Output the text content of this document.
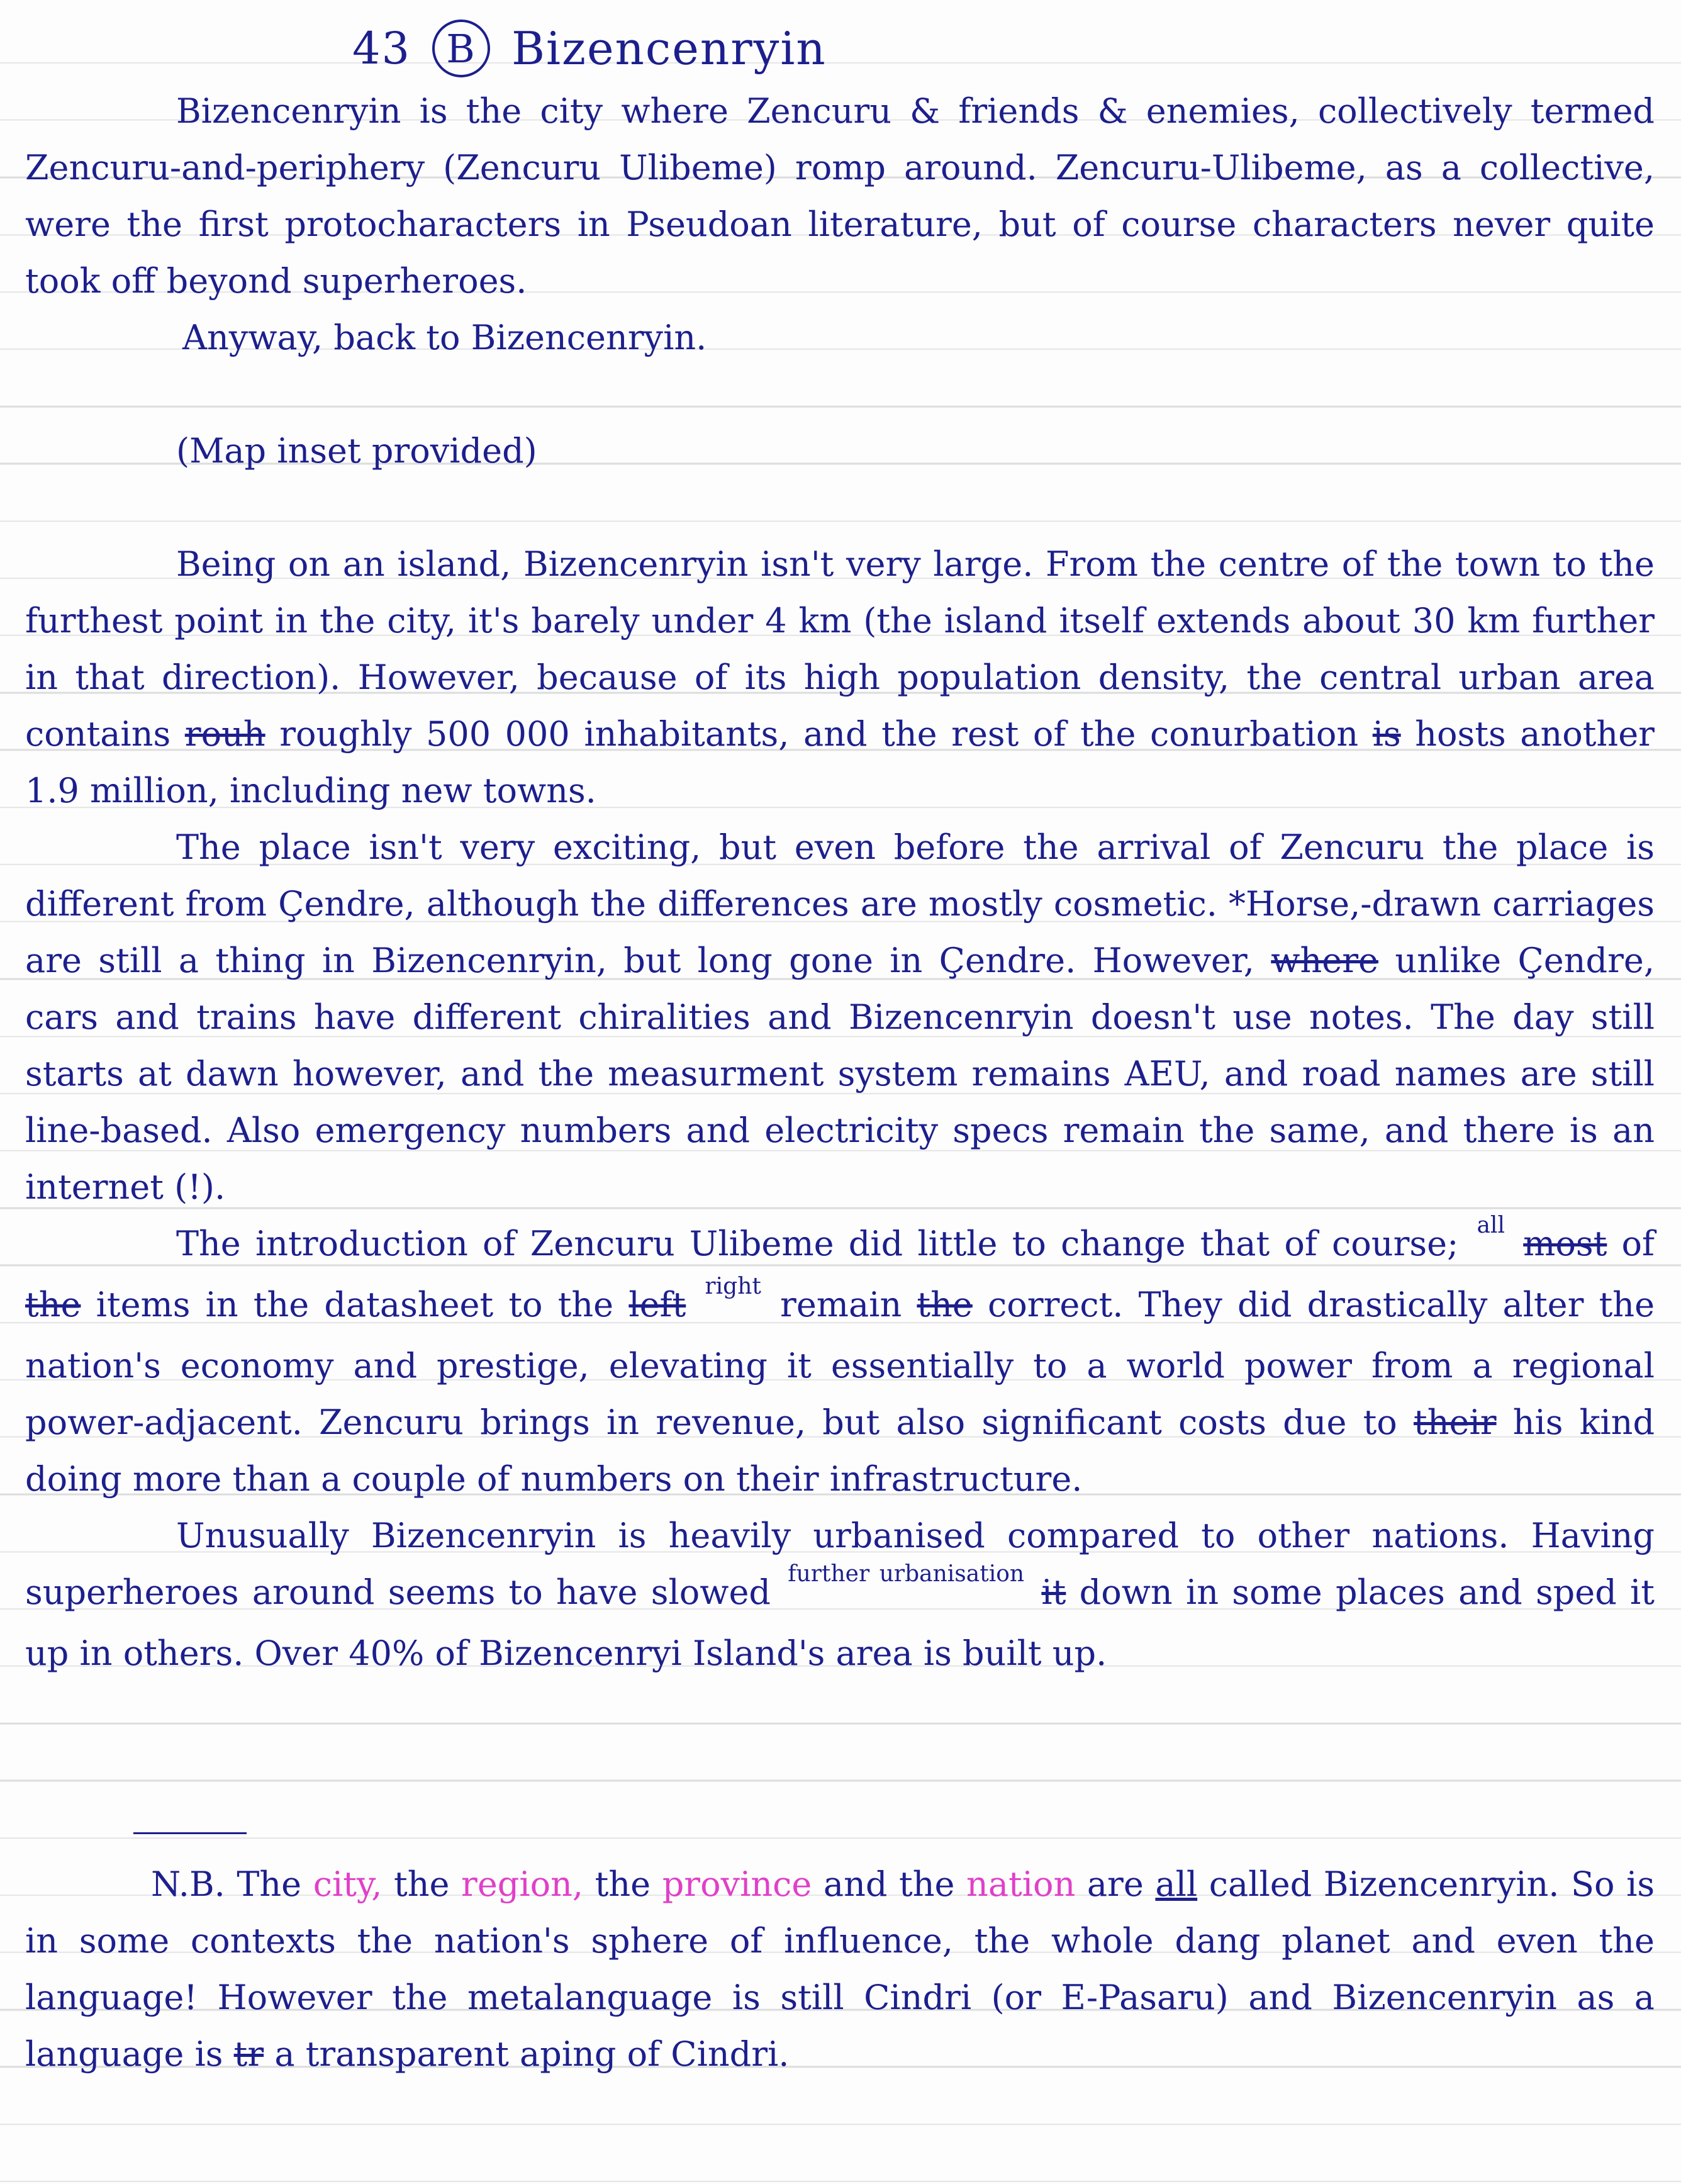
43 B Bizencenryin

Bizencenryin is the city where Zencuru & friends & enemies, collectively termed Zencuru-and-periphery (Zencuru Ulibeme) romp around. Zencuru-Ulibeme, as a collective, were the first protocharacters in Pseudoan literature, but of course characters never quite took off beyond superheroes.

Anyway, back to Bizencenryin.

(Map inset provided)

Being on an island, Bizencenryin isn't very large. From the centre of the town to the furthest point in the city, it's barely under 4 km (the island itself extends about 30 km further in that direction). However, because of its high population density, the central urban area contains rouh roughly 500 000 inhabitants, and the rest of the conurbation is hosts another 1.9 million, including new towns.

The place isn't very exciting, but even before the arrival of Zencuru the place is different from Çendre, although the differences are mostly cosmetic. *Horse,-drawn carriages are still a thing in Bizencenryin, but long gone in Çendre. However, where unlike Çendre, cars and trains have different chiralities and Bizencenryin doesn't use notes. The day still starts at dawn however, and the measurment system remains AEU, and road names are still line-based. Also emergency numbers and electricity specs remain the same, and there is an internet (!).

The introduction of Zencuru Ulibeme did little to change that of course; $^{all}$ most of the items in the datasheet to the left $^{right}$ remain the correct. They did drastically alter the nation's economy and prestige, elevating it essentially to a world power from a regional power-adjacent. Zencuru brings in revenue, but also significant costs due to their his kind doing more than a couple of numbers on their infrastructure.

Unusually Bizencenryin is heavily urbanised compared to other nations. Having superheroes around seems to have slowed $^{further urbanisation}$ it down in some places and sped it up in others. Over 40% of Bizencenryi Island's area is built up.

N.B. The city, the region, the province and the nation are all called Bizencenryin. So is in some contexts the nation's sphere of influence, the whole dang planet and even the language! However the metalanguage is still Cindri (or E-Pasaru) and Bizencenryin as a language is tr a transparent aping of Cindri.
